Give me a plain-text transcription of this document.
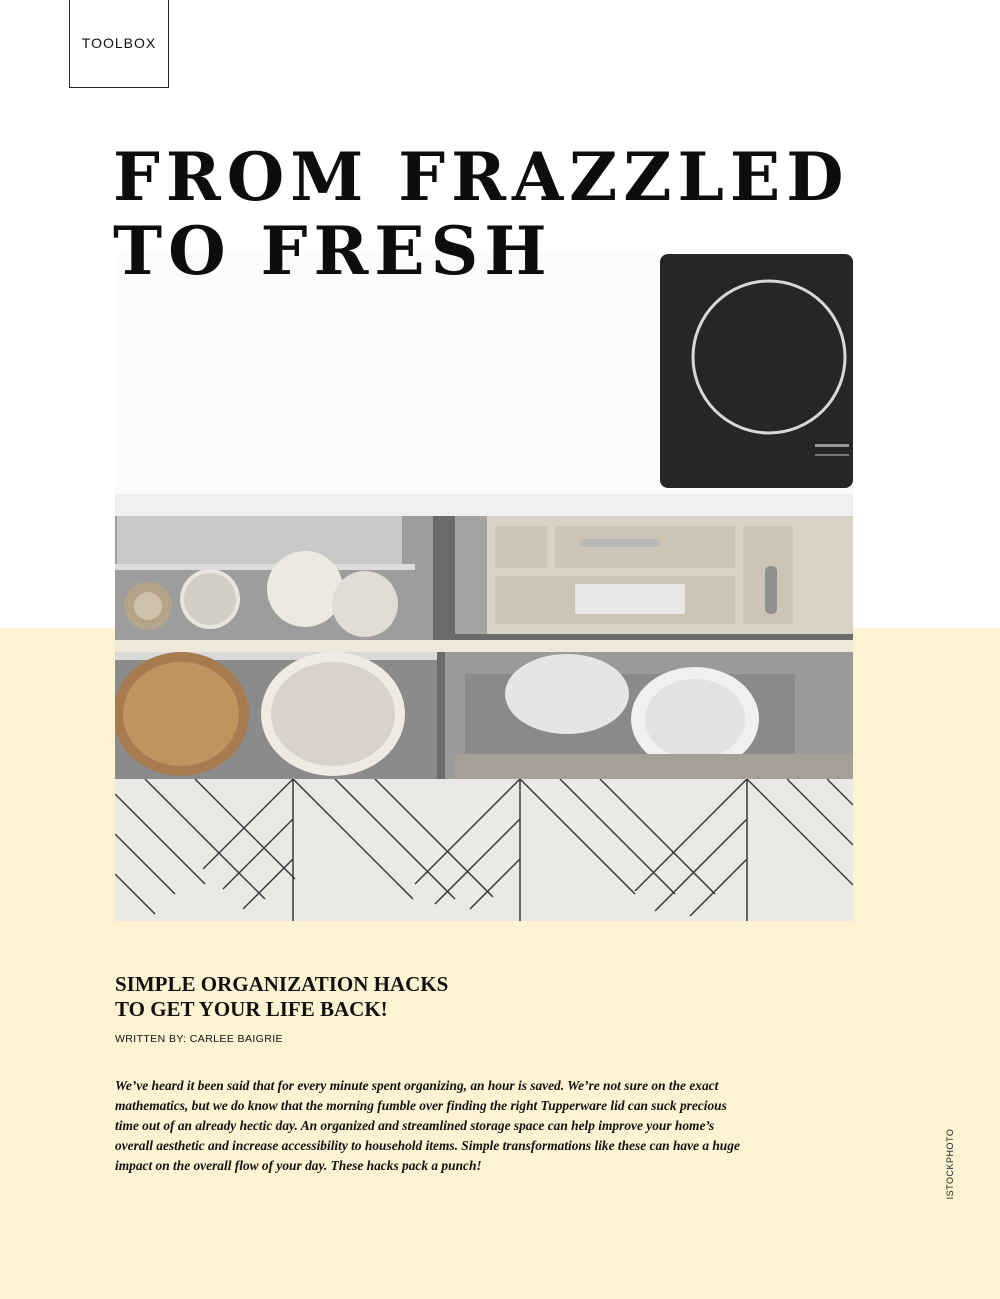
TOOLBOX
FROM FRAZZLED
TO FRESH
SIMPLE ORGANIZATION HACKS
TO GET YOUR LIFE BACK!
WRITTEN BY: CARLEE BAIGRIE

We’ve heard it been said that for every minute spent organizing, an hour is saved. We’re not sure on the exact mathematics, but we do know that the morning fumble over finding the right Tupperware lid can suck precious time out of an already hectic day. An organized and streamlined storage space can help improve your home’s overall aesthetic and increase accessibility to household items. Simple transformations like these can have a huge impact on the overall flow of your day. These hacks pack a punch!	ISTOCKPHOTO
